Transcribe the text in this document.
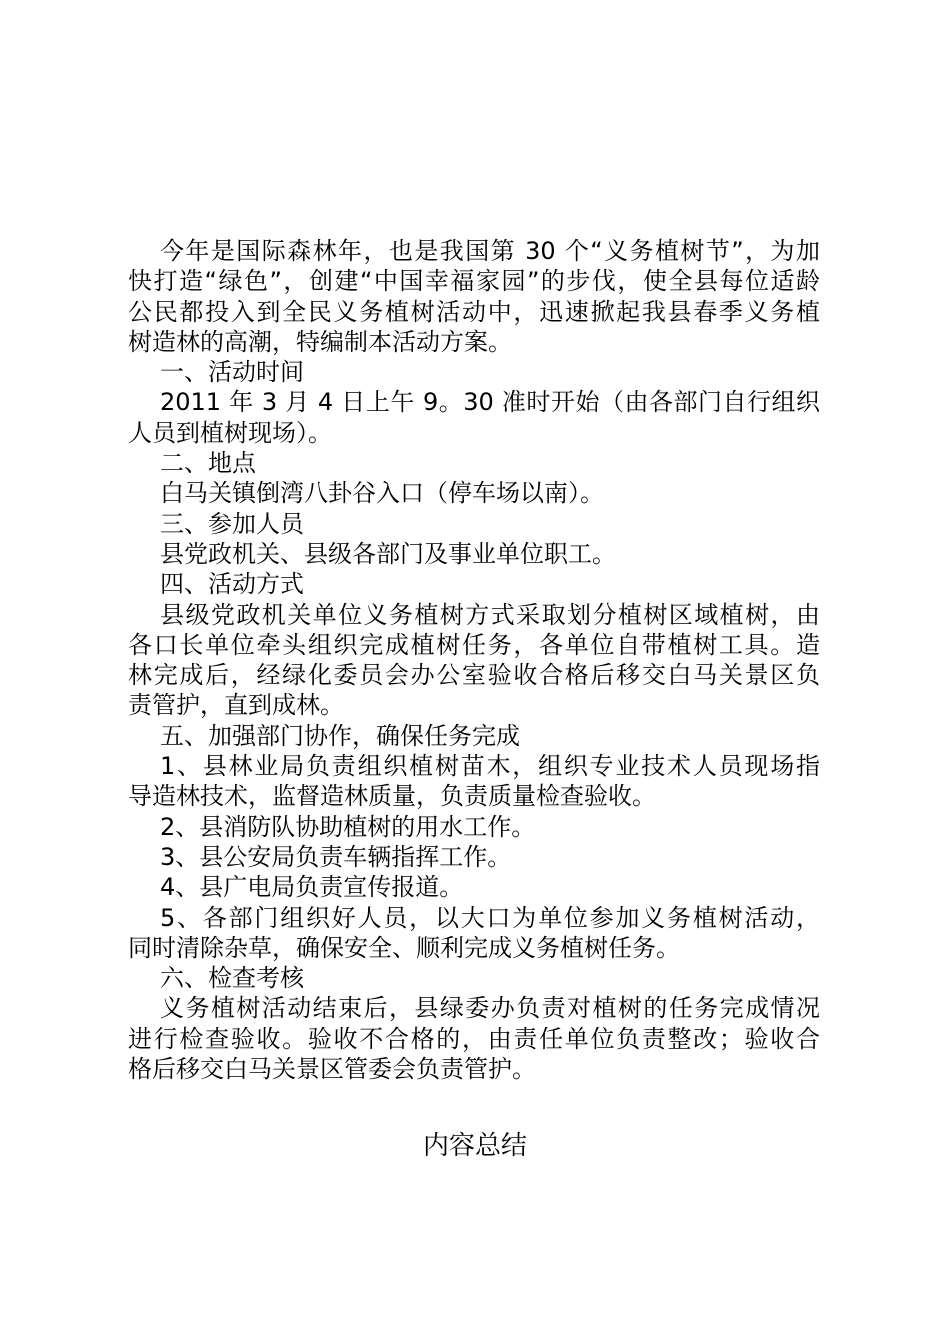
今年是国际森林年，也是我国第 30 个“义务植树节”，为加
快打造“绿色”，创建“中国幸福家园”的步伐，使全县每位适龄
公民都投入到全民义务植树活动中，迅速掀起我县春季义务植
树造林的高潮，特编制本活动方案。
一、活动时间
2011 年 3 月 4 日上午 9。30 准时开始（由各部门自行组织
人员到植树现场）。
二、地点
白马关镇倒湾八卦谷入口（停车场以南）。
三、参加人员
县党政机关、县级各部门及事业单位职工。
四、活动方式
县级党政机关单位义务植树方式采取划分植树区域植树，由
各口长单位牵头组织完成植树任务，各单位自带植树工具。造
林完成后，经绿化委员会办公室验收合格后移交白马关景区负
责管护，直到成林。
五、加强部门协作，确保任务完成
1、县林业局负责组织植树苗木，组织专业技术人员现场指
导造林技术，监督造林质量，负责质量检查验收。
2、县消防队协助植树的用水工作。
3、县公安局负责车辆指挥工作。
4、县广电局负责宣传报道。
5、各部门组织好人员，以大口为单位参加义务植树活动，
同时清除杂草，确保安全、顺利完成义务植树任务。
六、检查考核
义务植树活动结束后，县绿委办负责对植树的任务完成情况
进行检查验收。验收不合格的，由责任单位负责整改；验收合
格后移交白马关景区管委会负责管护。
内容总结
